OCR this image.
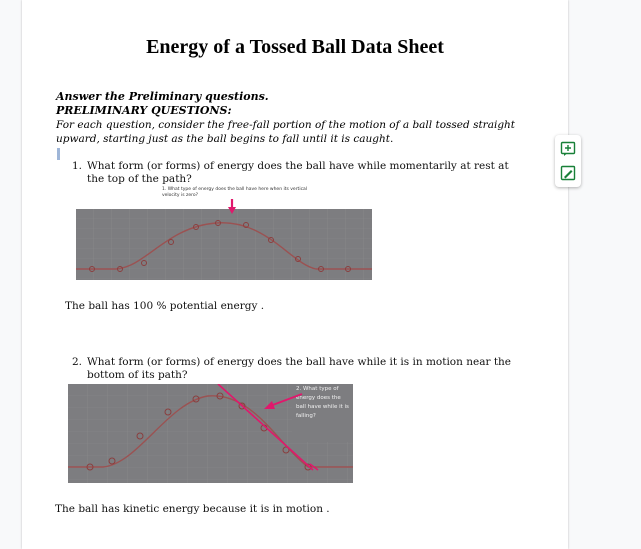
Energy of a Tossed Ball Data Sheet
Answer the Preliminary questions.
PRELIMINARY QUESTIONS:
For each question, consider the free-fall portion of the motion of a ball tossed straight upward, starting just as the ball begins to fall until it is caught.
1. What form (or forms) of energy does the ball have while momentarily at rest at the top of the path?
1. What type of energy does the ball have here when its vertical velocity is zero?
The ball has 100 % potential energy .
2. What form (or forms) of energy does the ball have while it is in motion near the bottom of its path?
2. What type of energy does the ball have while it is falling?
The ball has kinetic energy because it is in motion .
